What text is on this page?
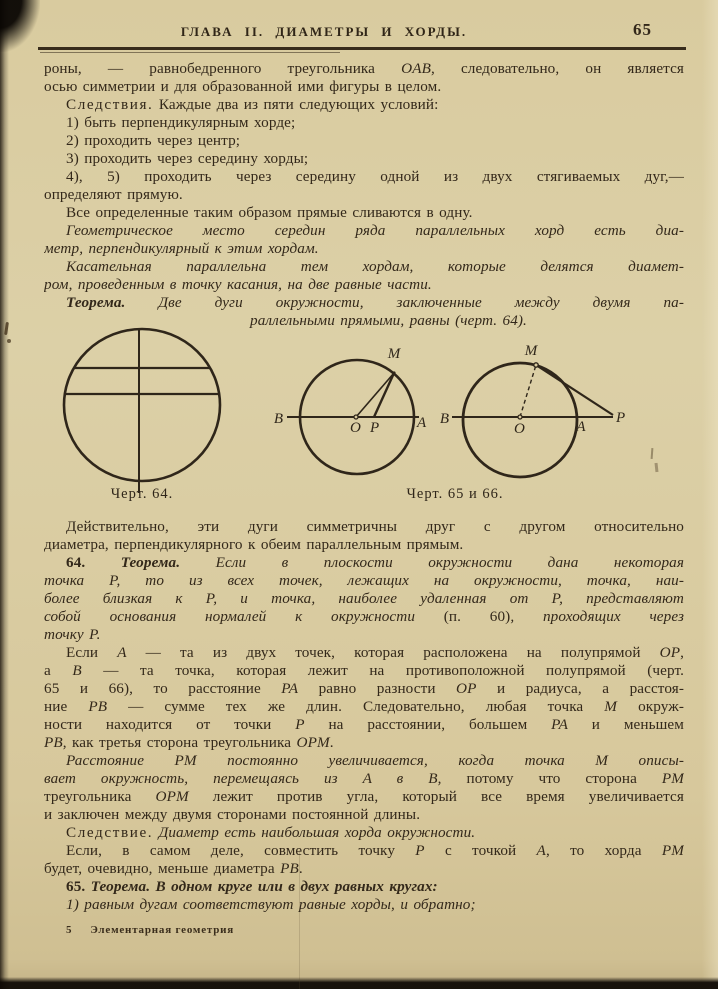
ГЛАВА II. ДИАМЕТРЫ И ХОРДЫ.	65
роны, — равнобедренного треугольника OAB, следовательно, он является
осью симметрии и для образованной ими фигуры в целом.
Следствия. Каждые два из пяти следующих условий:
1) быть перпендикулярным хорде;
2) проходить через центр;
3) проходить через середину хорды;
4), 5) проходить через середину одной из двух стягиваемых дуг,—
определяют прямую.
Все определенные таким образом прямые сливаются в одну.
Геометрическое место середин ряда параллельных хорд есть диа-
метр, перпендикулярный к этим хордам.
Касательная параллельна тем хордам, которые делятся диамет-
ром, проведенным в точку касания, на две равные части.
Теорема. Две дуги окружности, заключенные между двумя па-
раллельными прямыми, равны (черт. 64).
Черт. 64.
B
O P	A
M
B
O	A
P
M
Черт. 65 и 66.
Действительно, эти дуги симметричны друг с другом относительно
диаметра, перпендикулярного к обеим параллельным прямым.
64. Теорема. Если в плоскости окружности дана некоторая
точка P, то из всех точек, лежащих на окружности, точка, наи-
более близкая к P, и точка, наиболее удаленная от P, представляют
собой основания нормалей к окружности (п. 60), проходящих через
точку P.
Если A — та из двух точек, которая расположена на полупрямой OP,
а B — та точка, которая лежит на противоположной полупрямой (черт.
65 и 66), то расстояние PA равно разности OP и радиуса, а расстоя-
ние PB — сумме тех же длин. Следовательно, любая точка M окруж-
ности находится от точки P на расстоянии, большем PA и меньшем
PB, как третья сторона треугольника OPM.
Расстояние PM постоянно увеличивается, когда точка M описы-
вает окружность, перемещаясь из A в B, потому что сторона PM
треугольника OPM лежит против угла, который все время увеличивается
и заключен между двумя сторонами постоянной длины.
Следствие. Диаметр есть наибольшая хорда окружности.
Если, в самом деле, совместить точку P с точкой A, то хорда PM
будет, очевидно, меньше диаметра PB.
65. Теорема. В одном круге или в двух равных кругах:
1) равным дугам соответствуют равные хорды, и обратно;
5 Элементарная геометрия
